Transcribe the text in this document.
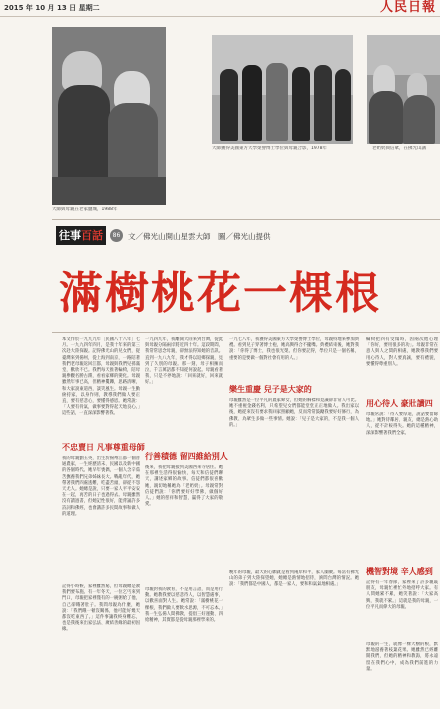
2015 年 10 月 13 日 星期二	人民日報
大師與母親在老家鹽城，1988年
大師獲得美國東方大學榮譽博士學位與母親合影，1978年	老奶奶與信眾，在佛光山講
往事百話	86	文／佛光山開山星雲大師　圖／佛光山提供
滿樹桃花一棵根
本文作於一九九九年［民國八十八年］七月。一九九四年四月，是我十年來的第三次赴大陸探親。記得佛光山的兒女們，從臺灣來到揚州，從上海到南京，一路陪著我們老母親返回江都，母親與我們兒孫滿堂，歡欣不已。我們每天推著輪椅，陪母親參觀名勝古蹟，看看家鄉的變化。母親雖然年事已高，但精神矍鑠，思路清晰，和大家說東道西，談笑風生。母親一生勤儉持家，以身作則，教導我們做人要正直，要有慈悲心，要懂得感恩。她常說：「人要有骨氣，做事要對得起天地良心。」這些話，一直深深影響著我。
不忠賣日 凡事尊重母師
我的母親劉玉英，出生於揚州江都一個普通農家，一生經歷清末、民國以及新中國的各個時代。她早年喪偶，一個人含辛茹苦撫養我們兄弟姊妹長大。戰亂年代，她帶著我們四處逃難，吃盡苦頭，卻從不怨天尤人。她總是說，只要一家人平平安安在一起，再苦的日子也過得去。母親雖然沒有讀過書，但她記性很好，能背誦許多詩詞和佛經，也會講許多民間故事和做人的道理。
記得小時候，家裡雖然窮，但母親總是教我們要布施。有一年冬天，一位乞丐來到門口，母親把家裡僅有的一碗粥給了他，自己卻餓著肚子。我問母親為什麼，她說：「我們餓一頓沒關係，他可能好幾天都沒吃東西了。」這件事讓我終身難忘，也是我後來出家弘法、廣結善緣的最初因緣。
一九四九年，我離開大陸來到台灣，從此與母親分隔兩岸將近四十年。這段期間，我常常思念母親，卻無法得知她的音訊。直到一九八九年，我才得以返鄉探親，見到了久別的母親。那一刻，母子相擁而泣，千言萬語都不知從何說起。母親看著我，只是不停地說：「回來就好，回來就好。」
行善積德 留四維給別人
後來，我把母親接到美國西來寺居住。她在那裡生活得很愉快，每天和信徒們聊天，講述家鄉的故事。信徒們都很喜歡她，親切地稱她為「老奶奶」。母親常對信徒們說：「你們要好好學佛，做個好人。」她的慈祥和智慧，贏得了大家的敬愛。
母親對我的教育，不是用言語，而是用行動。她教我要以慈悲待人，以智慧處事，以歡喜面對人生。她常說：「滿樹桃花一棵根，我們做人要飲水思源，不可忘本。」我一生弘揚人間佛教，提倡三好運動、四給精神，其實都是從母親那裡學來的。
一九七八年，我獲得美國東方大學榮譽博士學位，母親特地來參加典禮。看到兒子穿著博士袍，她高興得合不攏嘴。典禮結束後，她對我說：「你得了博士，我也很光榮。但你要記得，學位只是一個名稱，重要的是要做一個對社會有用的人。」
樂生重慶 兒子是大家的
母親雖然是一位平凡的農家婦女，但她的胸襟和見識卻非常人可比。她不重視金錢名利，只希望兒女們都能堂堂正正地做人。我出家以後，她從來沒有要求我回家照顧她，反而常常鼓勵我要好好修行，為佛教、為眾生多做一些事情。她說：「兒子是大家的，不是我一個人的。」
晚年的母親，最大的心願就是看到兩岸和平，家人團聚。每當有佛光山的弟子到大陸探望她，她總是熱情地招待，詢問台灣的情況。她說：「我們都是中國人，都是一家人，要和和氣氣地相處。」
輪椅把四有受傷時，因兩次他心理「你好，要用很多的功」。母親非常在意人與人之間的相處，她教導我們要用心待人，對人要真誠，要有禮貌，要懂得尊重別人。
用心待人 豪壯讀四
母親常說：「待人要厚道，說話要留餘地。」她對待鄰居、親友，總是熱心助人，從不計較得失。她的這種精神，深深影響著我們全家。
機智對境 辛人感到
記得有一年春節，家裡來了許多親戚朋友，母親忙裡忙外地招呼大家。有人問她累不累，她笑著說：「大家高興，我就不累。」這就是我的母親，一位平凡而偉大的母親。
母親的一生，就像一棵大樹的根，默默地滋養著枝葉花果。她雖然已經離開我們，但她的精神和教誨，將永遠留在我們心中，成為我們前進的力量。
